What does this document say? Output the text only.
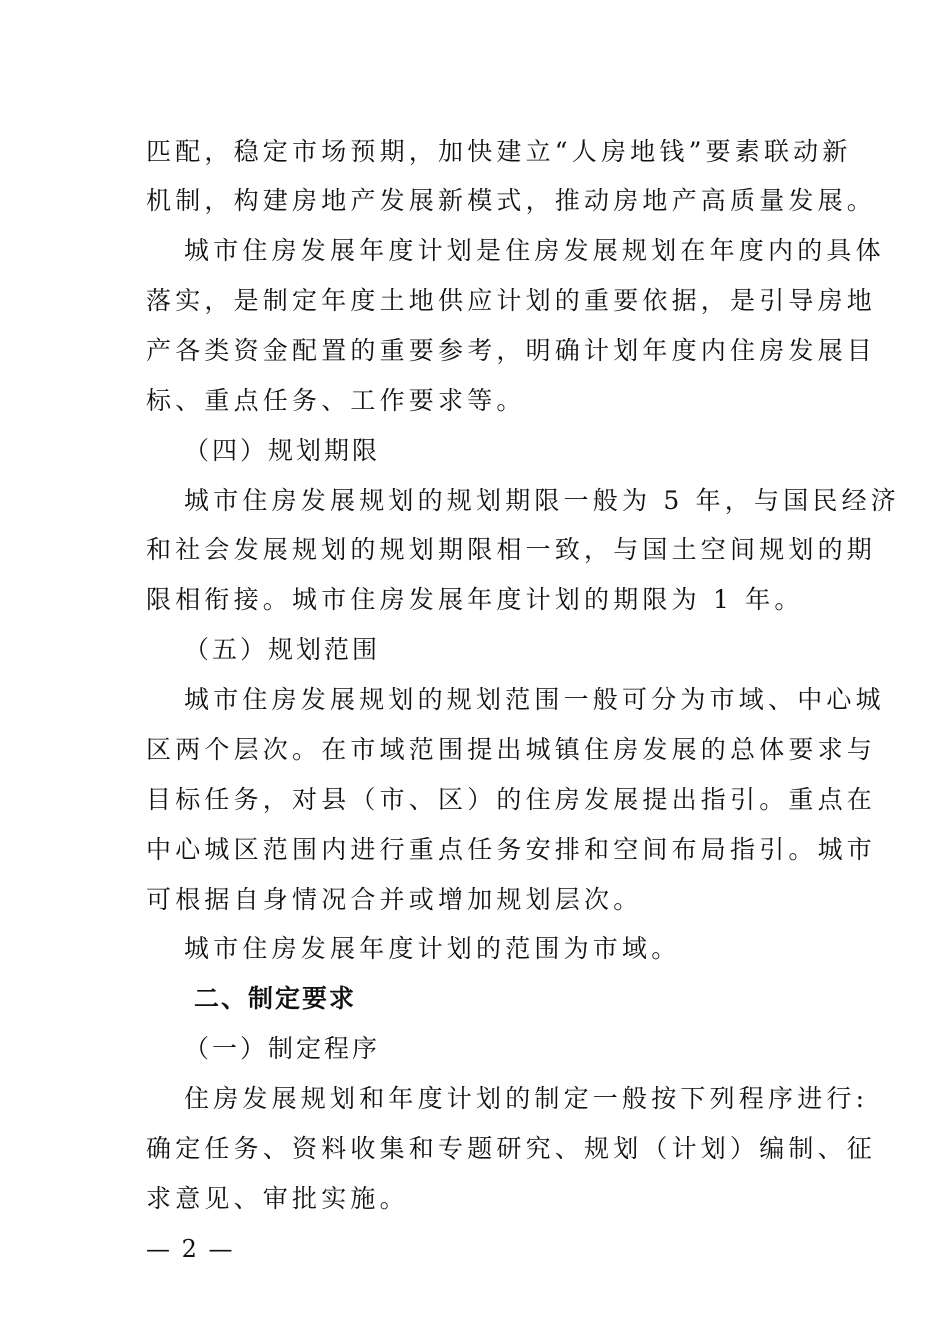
匹配，稳定市场预期，加快建立“人房地钱”要素联动新
机制，构建房地产发展新模式，推动房地产高质量发展。
城市住房发展年度计划是住房发展规划在年度内的具体
落实，是制定年度土地供应计划的重要依据，是引导房地
产各类资金配置的重要参考，明确计划年度内住房发展目
标、重点任务、工作要求等。
（四）规划期限
城市住房发展规划的规划期限一般为 5 年，与国民经济
和社会发展规划的规划期限相一致，与国土空间规划的期
限相衔接。城市住房发展年度计划的期限为 1 年。
（五）规划范围
城市住房发展规划的规划范围一般可分为市域、中心城
区两个层次。在市域范围提出城镇住房发展的总体要求与
目标任务，对县（市、区）的住房发展提出指引。重点在
中心城区范围内进行重点任务安排和空间布局指引。城市
可根据自身情况合并或增加规划层次。
城市住房发展年度计划的范围为市域。
二、制定要求
（一）制定程序
住房发展规划和年度计划的制定一般按下列程序进行:
确定任务、资料收集和专题研究、规划（计划）编制、征
求意见、审批实施。
— 2 —
